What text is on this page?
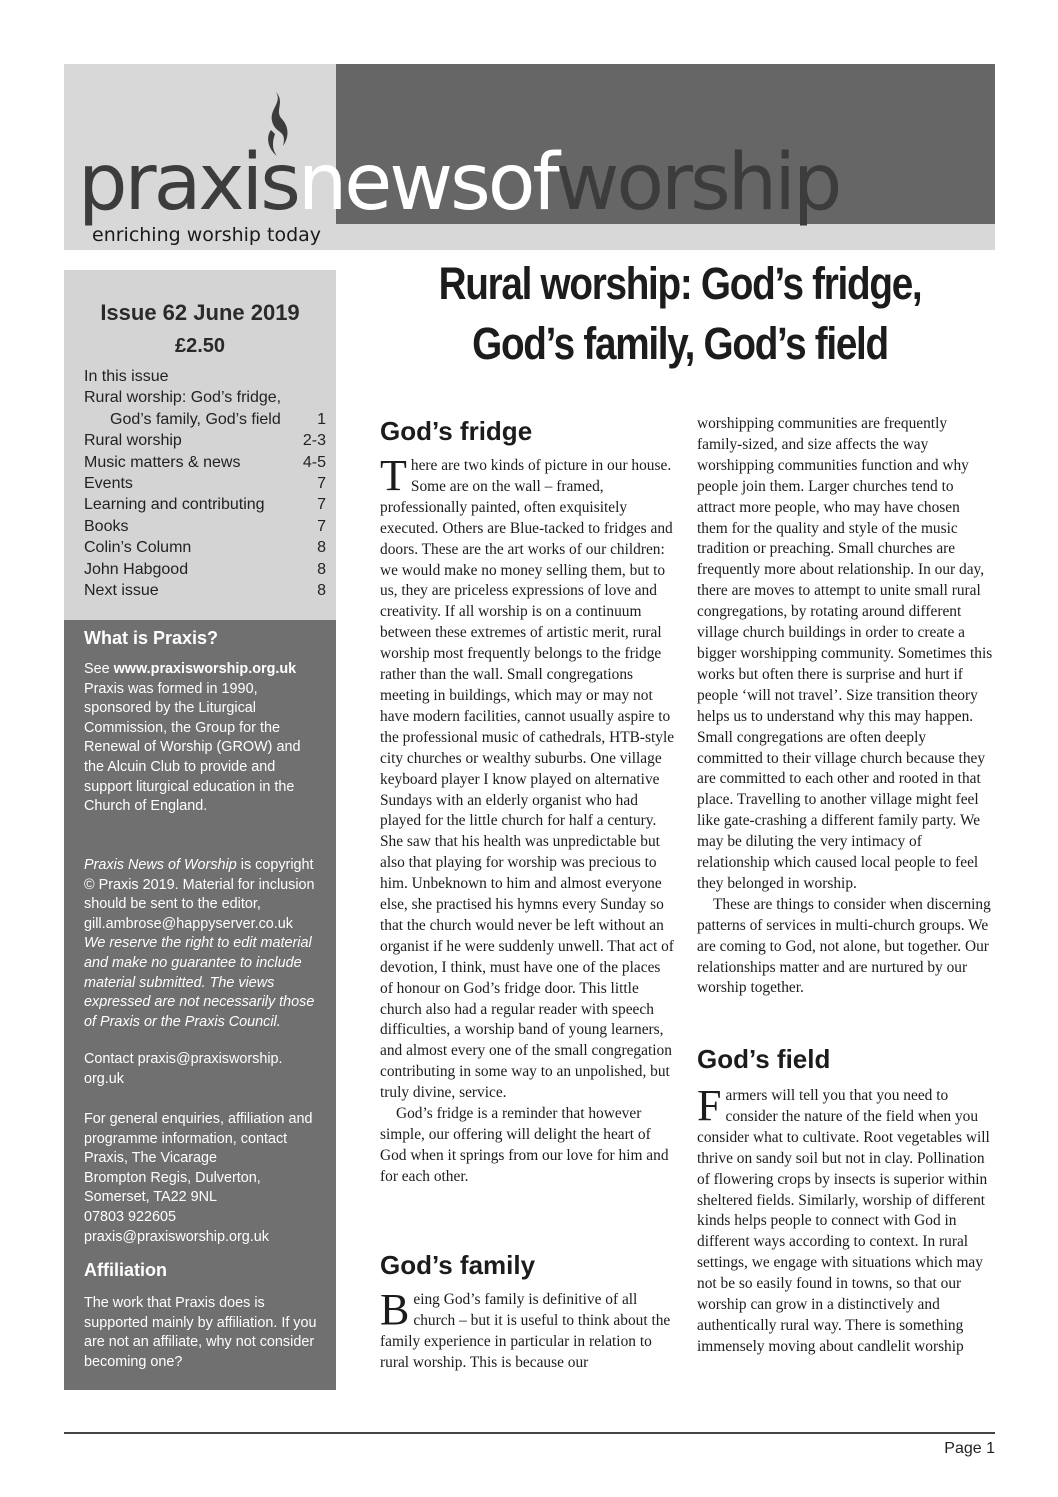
praxisnewsofworship
enriching worship today
Issue 62 June 2019
£2.50
In this issue
Rural worship: God’s fridge,
God’s family, God’s field 1
Rural worship	2-3
Music matters & news	4-5
Events	7
Learning and contributing	7
Books	7
Colin’s Column	8
John Habgood	8
Next issue	8
What is Praxis?
See www.praxisworship.org.uk
Praxis was formed in 1990, sponsored by the Liturgical Commission, the Group for the Renewal of Worship (GROW) and the Alcuin Club to provide and support liturgical education in the Church of England.
Praxis News of Worship is copyright © Praxis 2019. Material for inclusion should be sent to the editor, gill.ambrose@happyserver.co.uk
We reserve the right to edit material and make no guarantee to include material submitted. The views expressed are not necessarily those of Praxis or the Praxis Council.
Contact praxis@praxisworship. org.uk
For general enquiries, affiliation and programme information, contact Praxis, The Vicarage
Brompton Regis, Dulverton,
Somerset, TA22 9NL
07803 922605
praxis@praxisworship.org.uk
Affiliation
The work that Praxis does is supported mainly by affiliation. If you are not an affiliate, why not consider becoming one?
Rural worship: God’s fridge,
God’s family, God’s field
God’s fridge

There are two kinds of picture in our house. Some are on the wall – framed, professionally painted, often exquisitely executed. Others are Blue-tacked to fridges and doors. These are the art works of our children: we would make no money selling them, but to us, they are priceless expressions of love and creativity. If all worship is on a continuum between these extremes of artistic merit, rural worship most frequently belongs to the fridge rather than the wall. Small congregations meeting in buildings, which may or may not have modern facilities, cannot usually aspire to the professional music of cathedrals, HTB-style city churches or wealthy suburbs. One village keyboard player I know played on alternative Sundays with an elderly organist who had played for the little church for half a century. She saw that his health was unpredictable but also that playing for worship was precious to him. Unbeknown to him and almost everyone else, she practised his hymns every Sunday so that the church would never be left without an organist if he were suddenly unwell. That act of devotion, I think, must have one of the places of honour on God’s fridge door. This little church also had a regular reader with speech difficulties, a worship band of young learners, and almost every one of the small congregation contributing in some way to an unpolished, but truly divine, service.

God’s fridge is a reminder that however simple, our offering will delight the heart of God when it springs from our love for him and for each other.

God’s family

Being God’s family is definitive of all church – but it is useful to think about the family experience in particular in relation to rural worship. This is because our

worshipping communities are frequently family-sized, and size affects the way worshipping communities function and why people join them. Larger churches tend to attract more people, who may have chosen them for the quality and style of the music tradition or preaching. Small churches are frequently more about relationship. In our day, there are moves to attempt to unite small rural congregations, by rotating around different village church buildings in order to create a bigger worshipping community. Sometimes this works but often there is surprise and hurt if people ‘will not travel’. Size transition theory helps us to understand why this may happen. Small congregations are often deeply committed to their village church because they are committed to each other and rooted in that place. Travelling to another village might feel like gate-crashing a different family party. We may be diluting the very intimacy of relationship which caused local people to feel they belonged in worship.

These are things to consider when discerning patterns of services in multi-church groups. We are coming to God, not alone, but together. Our relationships matter and are nurtured by our worship together.

God’s field

Farmers will tell you that you need to consider the nature of the field when you consider what to cultivate. Root vegetables will thrive on sandy soil but not in clay. Pollination of flowering crops by insects is superior within sheltered fields. Similarly, worship of different kinds helps people to connect with God in different ways according to context. In rural settings, we engage with situations which may not be so easily found in towns, so that our worship can grow in a distinctively and authentically rural way. There is something immensely moving about candlelit worship

Page 1
